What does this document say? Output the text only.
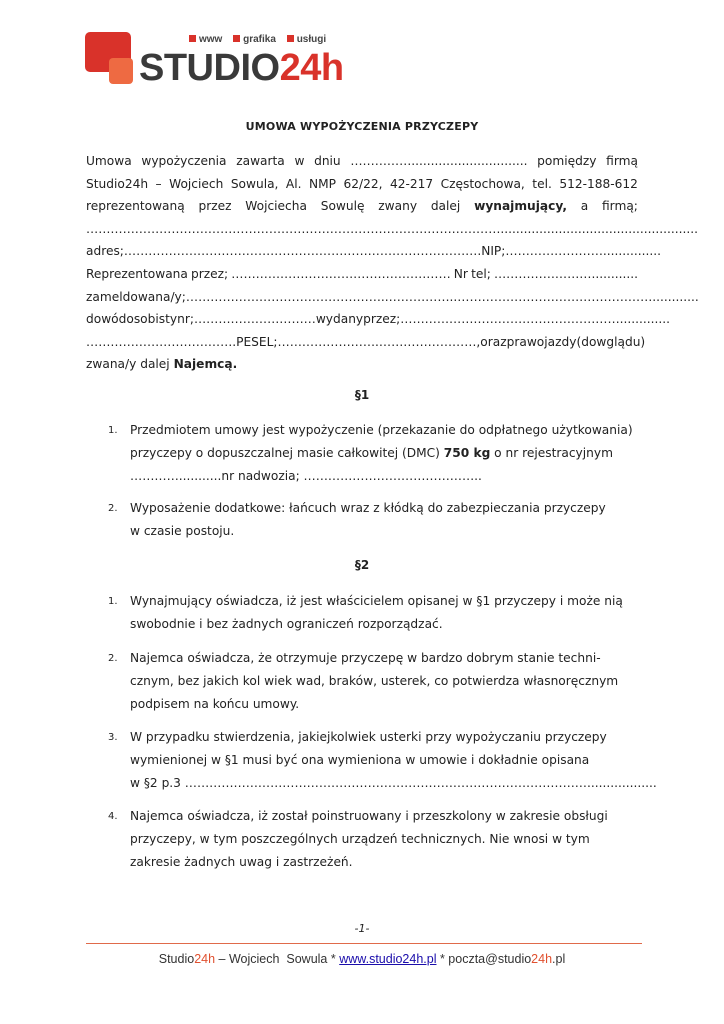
www grafika usługi
STUDIO24h
UMOWA WYPOŻYCZENIA PRZYCZEPY
Umowa wypożyczenia zawarta w dniu …………….............................. pomiędzy firmą
Studio24h – Wojciech Sowula, Al. NMP 62/22, 42-217 Częstochowa, tel. 512-188-612
reprezentowaną przez Wojciecha Sowulę zwany dalej wynajmujący, a firmą;
…………………………………………………………………………………………...................................................
adres;……………………………………………………………………………. NIP; ……………………...............
Reprezentowana przez; ……………………………………………… Nr tel; ……………………............
zameldowana/y; …………………………………………..……………..…………………………………………............
dowód osobisty nr; …………………………wydany przez; ……………………………………………….............
………………………………. PESEL; …………………….……………………, oraz prawo jazdy (do wglądu)
zwana/y dalej Najemcą.
§1
1. Przedmiotem umowy jest wypożyczenie (przekazanie do odpłatnego użytkowania)
przyczepy o dopuszczalnej masie całkowitej (DMC) 750 kg o nr rejestracyjnym
…………...........nr nadwozia; ……………………………………..
2. Wyposażenie dodatkowe: łańcuch wraz z kłódką do zabezpieczania przyczepy
w czasie postoju.
§2
1. Wynajmujący oświadcza, iż jest właścicielem opisanej w §1 przyczepy i może nią
swobodnie i bez żadnych ograniczeń rozporządzać.
2. Najemca oświadcza, że otrzymuje przyczepę w bardzo dobrym stanie techni-
cznym, bez jakich kol wiek wad, braków, usterek, co potwierdza własnoręcznym
podpisem na końcu umowy.
3. W przypadku stwierdzenia, jakiejkolwiek usterki przy wypożyczaniu przyczepy
wymienionej w §1 musi być ona wymieniona w umowie i dokładnie opisana
w §2 p.3 ………………………………………………………………………………………..................
4. Najemca oświadcza, iż został poinstruowany i przeszkolony w zakresie obsługi
przyczepy, w tym poszczególnych urządzeń technicznych. Nie wnosi w tym
zakresie żadnych uwag i zastrzeżeń.
-1-
Studio24h – Wojciech  Sowula * www.studio24h.pl * poczta@studio24h.pl
